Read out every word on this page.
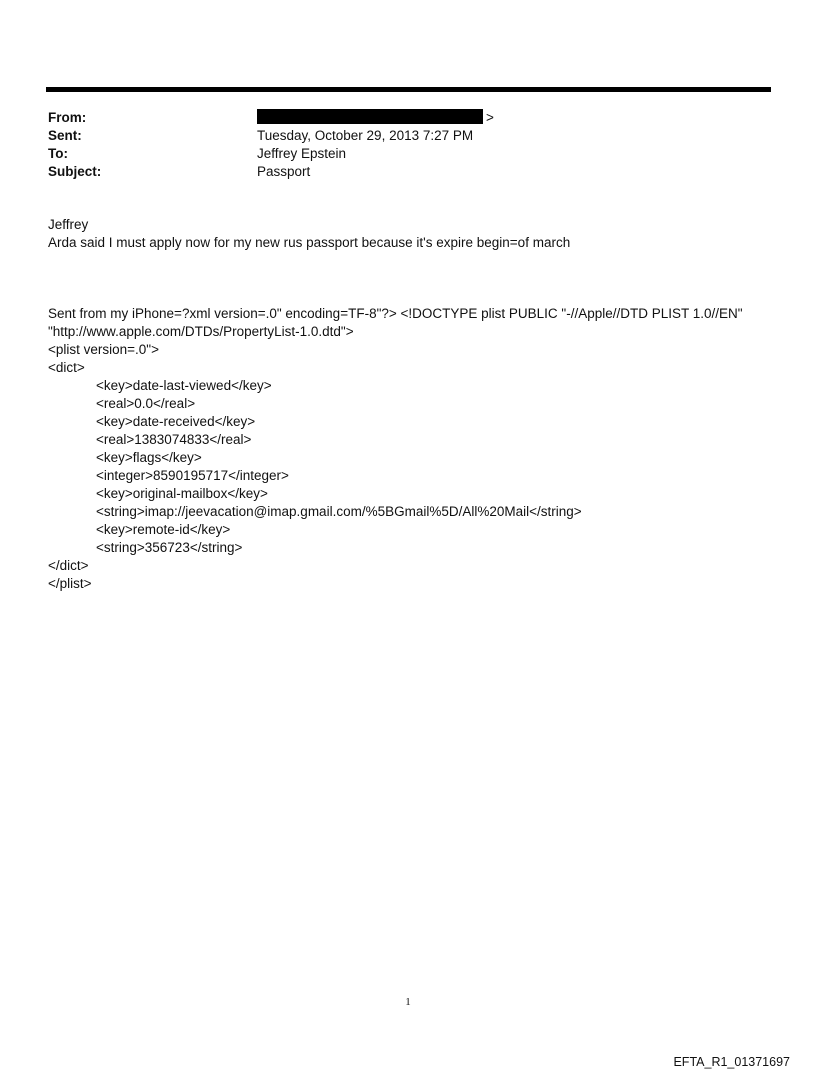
From:	>
Sent:	Tuesday, October 29, 2013 7:27 PM
To:	Jeffrey Epstein
Subject:	Passport
Jeffrey
Arda said I must apply now for my new rus passport because it's expire begin=of march
Sent from my iPhone=?xml version=.0" encoding=TF-8"?> <!DOCTYPE plist PUBLIC "-//Apple//DTD PLIST 1.0//EN"
"http://www.apple.com/DTDs/PropertyList-1.0.dtd">
<plist version=.0">
<dict>
<key>date-last-viewed</key>
<real>0.0</real>
<key>date-received</key>
<real>1383074833</real>
<key>flags</key>
<integer>8590195717</integer>
<key>original-mailbox</key>
<string>imap://jeevacation@imap.gmail.com/%5BGmail%5D/All%20Mail</string>
<key>remote-id</key>
<string>356723</string>
</dict>
</plist>
1
EFTA_R1_01371697
